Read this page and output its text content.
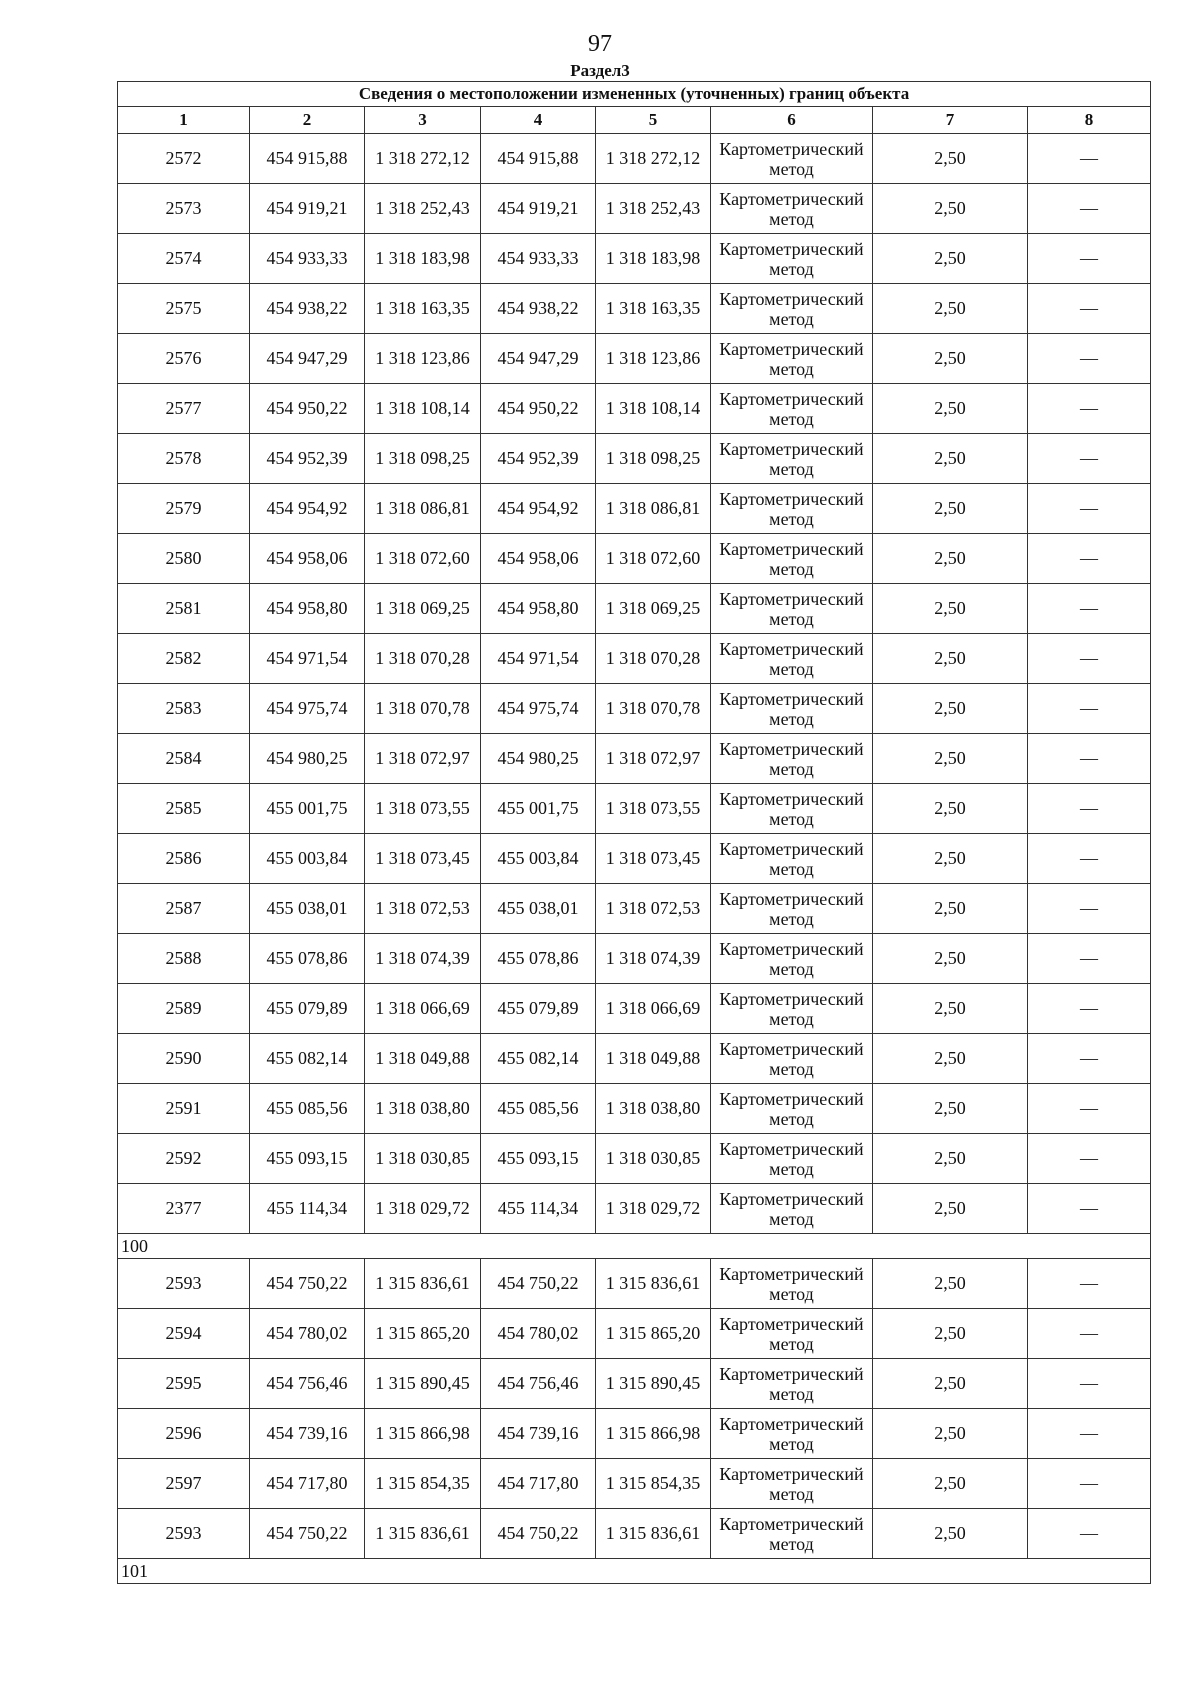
97
Раздел3
Сведения о местоположении измененных (уточненных) границ объекта							
1	2	3	4	5	6	7	8
2572	454 915,88	1 318 272,12	454 915,88	1 318 272,12	Картометрический метод	2,50	—
2573	454 919,21	1 318 252,43	454 919,21	1 318 252,43	Картометрический метод	2,50	—
2574	454 933,33	1 318 183,98	454 933,33	1 318 183,98	Картометрический метод	2,50	—
2575	454 938,22	1 318 163,35	454 938,22	1 318 163,35	Картометрический метод	2,50	—
2576	454 947,29	1 318 123,86	454 947,29	1 318 123,86	Картометрический метод	2,50	—
2577	454 950,22	1 318 108,14	454 950,22	1 318 108,14	Картометрический метод	2,50	—
2578	454 952,39	1 318 098,25	454 952,39	1 318 098,25	Картометрический метод	2,50	—
2579	454 954,92	1 318 086,81	454 954,92	1 318 086,81	Картометрический метод	2,50	—
2580	454 958,06	1 318 072,60	454 958,06	1 318 072,60	Картометрический метод	2,50	—
2581	454 958,80	1 318 069,25	454 958,80	1 318 069,25	Картометрический метод	2,50	—
2582	454 971,54	1 318 070,28	454 971,54	1 318 070,28	Картометрический метод	2,50	—
2583	454 975,74	1 318 070,78	454 975,74	1 318 070,78	Картометрический метод	2,50	—
2584	454 980,25	1 318 072,97	454 980,25	1 318 072,97	Картометрический метод	2,50	—
2585	455 001,75	1 318 073,55	455 001,75	1 318 073,55	Картометрический метод	2,50	—
2586	455 003,84	1 318 073,45	455 003,84	1 318 073,45	Картометрический метод	2,50	—
2587	455 038,01	1 318 072,53	455 038,01	1 318 072,53	Картометрический метод	2,50	—
2588	455 078,86	1 318 074,39	455 078,86	1 318 074,39	Картометрический метод	2,50	—
2589	455 079,89	1 318 066,69	455 079,89	1 318 066,69	Картометрический метод	2,50	—
2590	455 082,14	1 318 049,88	455 082,14	1 318 049,88	Картометрический метод	2,50	—
2591	455 085,56	1 318 038,80	455 085,56	1 318 038,80	Картометрический метод	2,50	—
2592	455 093,15	1 318 030,85	455 093,15	1 318 030,85	Картометрический метод	2,50	—
2377	455 114,34	1 318 029,72	455 114,34	1 318 029,72	Картометрический метод	2,50	—
100							
2593	454 750,22	1 315 836,61	454 750,22	1 315 836,61	Картометрический метод	2,50	—
2594	454 780,02	1 315 865,20	454 780,02	1 315 865,20	Картометрический метод	2,50	—
2595	454 756,46	1 315 890,45	454 756,46	1 315 890,45	Картометрический метод	2,50	—
2596	454 739,16	1 315 866,98	454 739,16	1 315 866,98	Картометрический метод	2,50	—
2597	454 717,80	1 315 854,35	454 717,80	1 315 854,35	Картометрический метод	2,50	—
2593	454 750,22	1 315 836,61	454 750,22	1 315 836,61	Картометрический метод	2,50	—
101							
